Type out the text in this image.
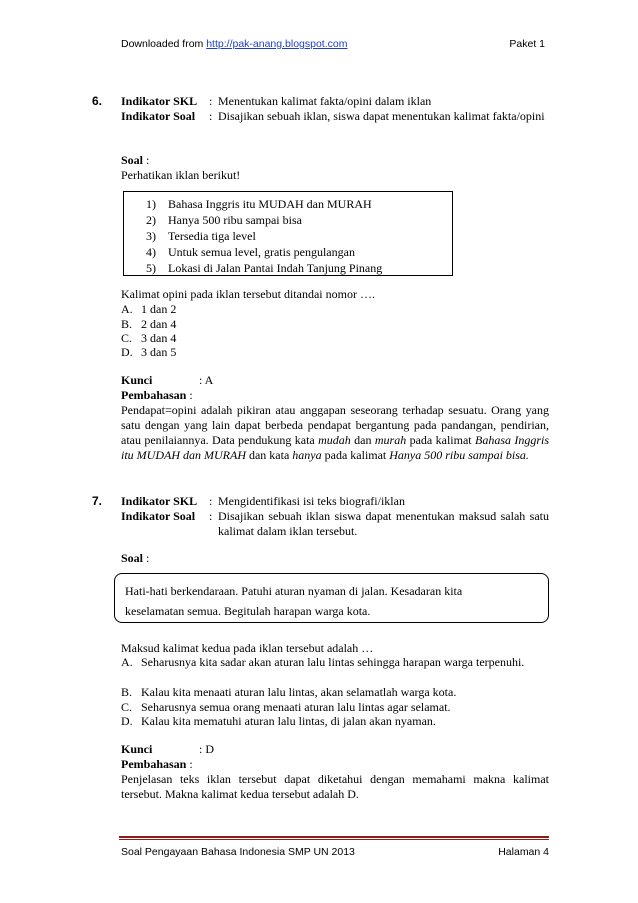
Downloaded from http://pak-anang.blogspot.com	Paket 1
6. Indikator SKL : Menentukan kalimat fakta/opini dalam iklan
Indikator Soal : Disajikan sebuah iklan, siswa dapat menentukan kalimat fakta/opini
Soal :
Perhatikan iklan berikut!
1) Bahasa Inggris itu MUDAH dan MURAH
2) Hanya 500 ribu sampai bisa
3) Tersedia tiga level
4) Untuk semua level, gratis pengulangan
5) Lokasi di Jalan Pantai Indah Tanjung Pinang
Kalimat opini pada iklan tersebut ditandai nomor ….
A. 1 dan 2
B. 2 dan 4
C. 3 dan 4
D. 3 dan 5
Kunci	: A
Pembahasan :
Pendapat=opini adalah pikiran atau anggapan seseorang terhadap sesuatu. Orang yang satu dengan yang lain dapat berbeda pendapat bergantung pada pandangan, pendirian, atau penilaiannya. Data pendukung kata mudah dan murah pada kalimat Bahasa Inggris itu MUDAH dan MURAH dan kata hanya pada kalimat Hanya 500 ribu sampai bisa.
7. Indikator SKL : Mengidentifikasi isi teks biografi/iklan
Indikator Soal : Disajikan sebuah iklan siswa dapat menentukan maksud salah satu kalimat dalam iklan tersebut.
Soal :
Hati-hati berkendaraan. Patuhi aturan nyaman di jalan. Kesadaran kita keselamatan semua. Begitulah harapan warga kota.
Maksud kalimat kedua pada iklan tersebut adalah …
A. Seharusnya kita sadar akan aturan lalu lintas sehingga harapan warga terpenuhi.
B. Kalau kita menaati aturan lalu lintas, akan selamatlah warga kota.
C. Seharusnya semua orang menaati aturan lalu lintas agar selamat.
D. Kalau kita mematuhi aturan lalu lintas, di jalan akan nyaman.
Kunci	: D
Pembahasan :
Penjelasan teks iklan tersebut dapat diketahui dengan memahami makna kalimat tersebut. Makna kalimat kedua tersebut adalah D.
Soal Pengayaan Bahasa Indonesia SMP UN 2013	Halaman 4
